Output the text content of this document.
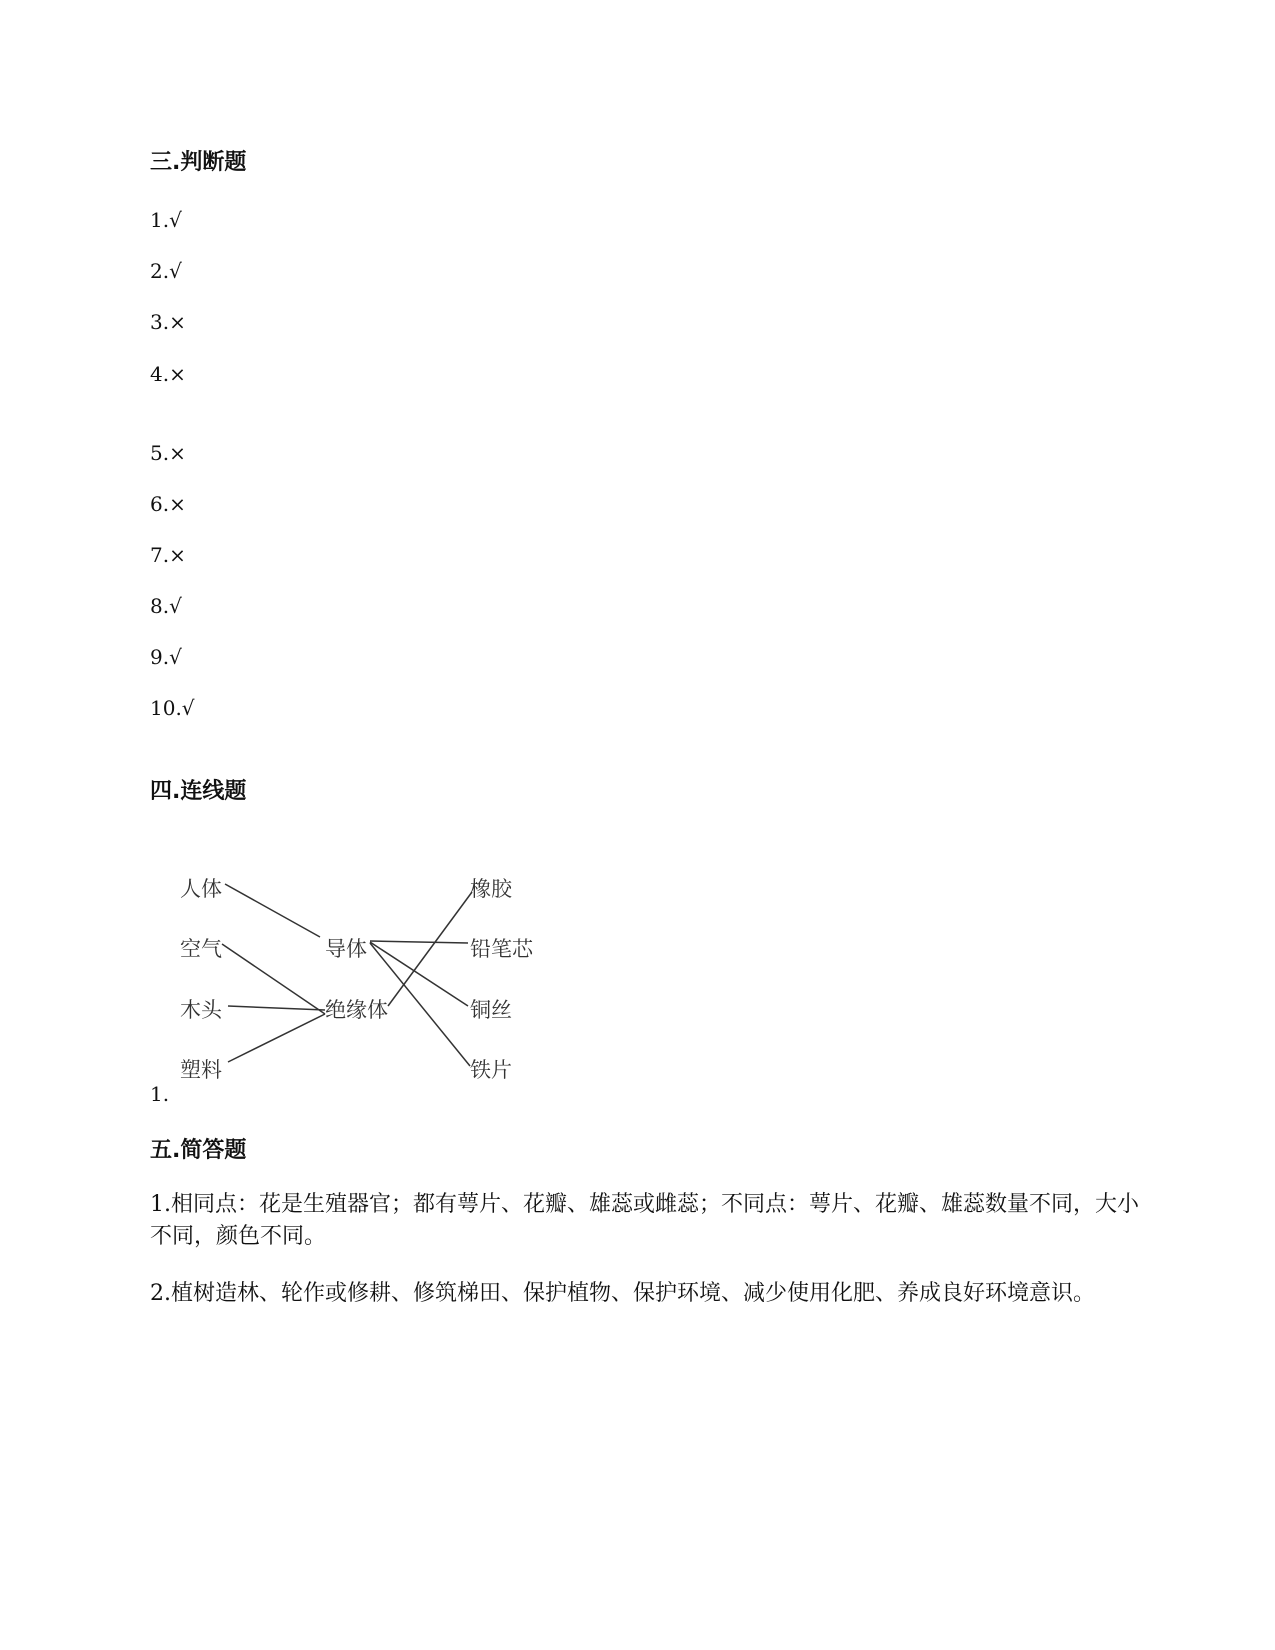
三.判断题
1.√
2.√
3.×
4.×
5.×
6.×
7.×
8.√
9.√
10.√
四.连线题
人体
空气
木头
塑料
导体
绝缘体
橡胶
铅笔芯
铜丝
铁片
1.
五.简答题
1.相同点：花是生殖器官；都有萼片、花瓣、雄蕊或雌蕊；不同点：萼片、花瓣、雄蕊数量不同，大小不同，颜色不同。
2.植树造林、轮作或修耕、修筑梯田、保护植物、保护环境、减少使用化肥、养成良好环境意识。
